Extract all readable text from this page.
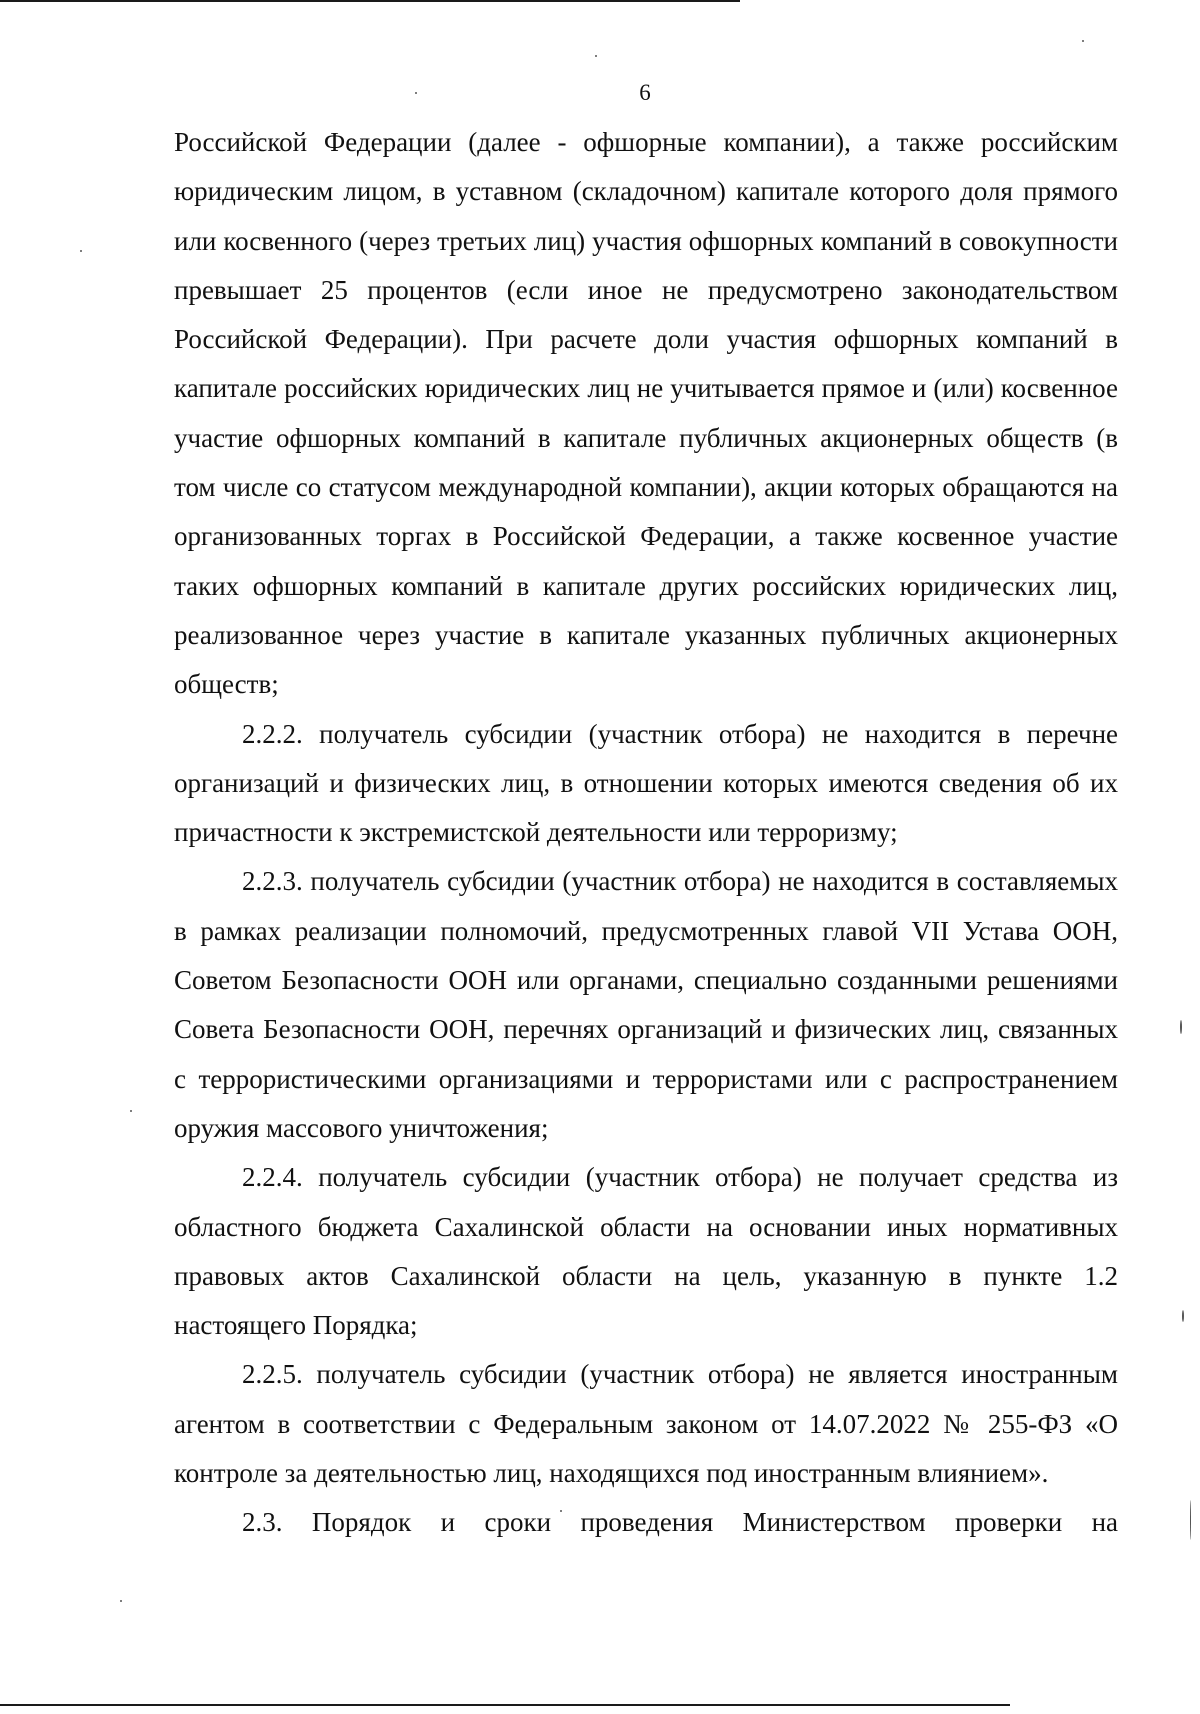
6

Российской Федерации (далее - офшорные компании), а также российским юридическим лицом, в уставном (складочном) капитале которого доля прямого или косвенного (через третьих лиц) участия офшорных компаний в совокупности превышает 25 процентов (если иное не предусмотрено законодательством Российской Федерации). При расчете доли участия офшорных компаний в капитале российских юридических лиц не учитывается прямое и (или) косвенное участие офшорных компаний в капитале публичных акционерных обществ (в том числе со статусом международной компании), акции которых обращаются на организованных торгах в Российской Федерации, а также косвенное участие таких офшорных компаний в капитале других российских юридических лиц, реализованное через участие в капитале указанных публичных акционерных обществ;

2.2.2. получатель субсидии (участник отбора) не находится в перечне организаций и физических лиц, в отношении которых имеются сведения об их причастности к экстремистской деятельности или терроризму;

2.2.3. получатель субсидии (участник отбора) не находится в составляемых в рамках реализации полномочий, предусмотренных главой VII Устава ООН, Советом Безопасности ООН или органами, специально созданными решениями Совета Безопасности ООН, перечнях организаций и физических лиц, связанных с террористическими организациями и террористами или с распространением оружия массового уничтожения;

2.2.4. получатель субсидии (участник отбора) не получает средства из областного бюджета Сахалинской области на основании иных нормативных правовых актов Сахалинской области на цель, указанную в пункте 1.2 настоящего Порядка;

2.2.5. получатель субсидии (участник отбора) не является иностранным агентом в соответствии с Федеральным законом от 14.07.2022 № 255-ФЗ «О контроле за деятельностью лиц, находящихся под иностранным влиянием».

2.3. Порядок и сроки проведения Министерством проверки на
